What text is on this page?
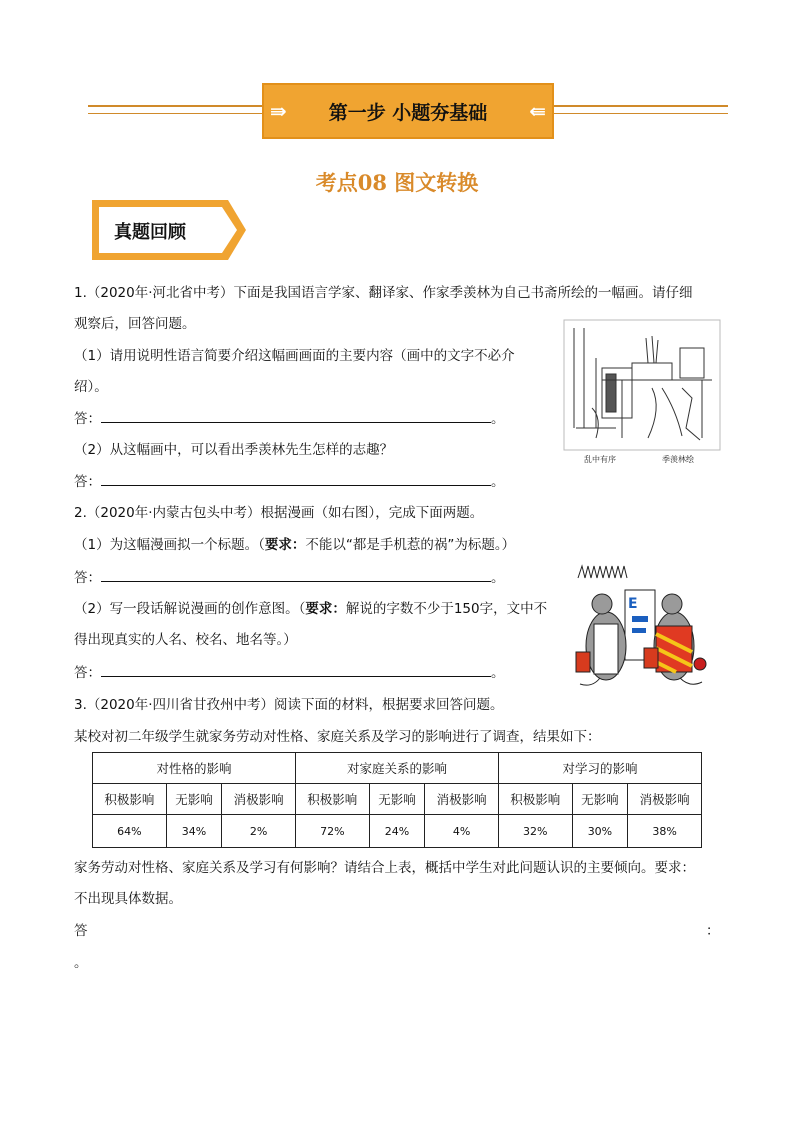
⇛ 第一步 小题夯基础 ⇚
考点08 图文转换
真题回顾
1.（2020年·河北省中考）下面是我国语言学家、翻译家、作家季羡林为自己书斋所绘的一幅画。请仔细
观察后，回答问题。
（1）请用说明性语言简要介绍这幅画画面的主要内容（画中的文字不必介
绍）。
答：	。
（2）从这幅画中，可以看出季羡林先生怎样的志趣？
答：	。
乱中有序	季羡林绘
2.（2020年·内蒙古包头中考）根据漫画（如右图），完成下面两题。
（1）为这幅漫画拟一个标题。（要求：不能以“都是手机惹的祸”为标题。）
答：	。
（2）写一段话解说漫画的创作意图。（要求：解说的字数不少于150字，文中不
得出现真实的人名、校名、地名等。）
答：	。
E
3.（2020年·四川省甘孜州中考）阅读下面的材料，根据要求回答问题。
某校对初二年级学生就家务劳动对性格、家庭关系及学习的影响进行了调查，结果如下：
对性格的影响			对家庭关系的影响			对学习的影响		
积极影响	无影响	消极影响	积极影响	无影响	消极影响	积极影响	无影响	消极影响
64%	34%	2%	72%	24%	4%	32%	30%	38%
家务劳动对性格、家庭关系及学习有何影响？请结合上表，概括中学生对此问题认识的主要倾向。要求：
不出现具体数据。
答	：
。
